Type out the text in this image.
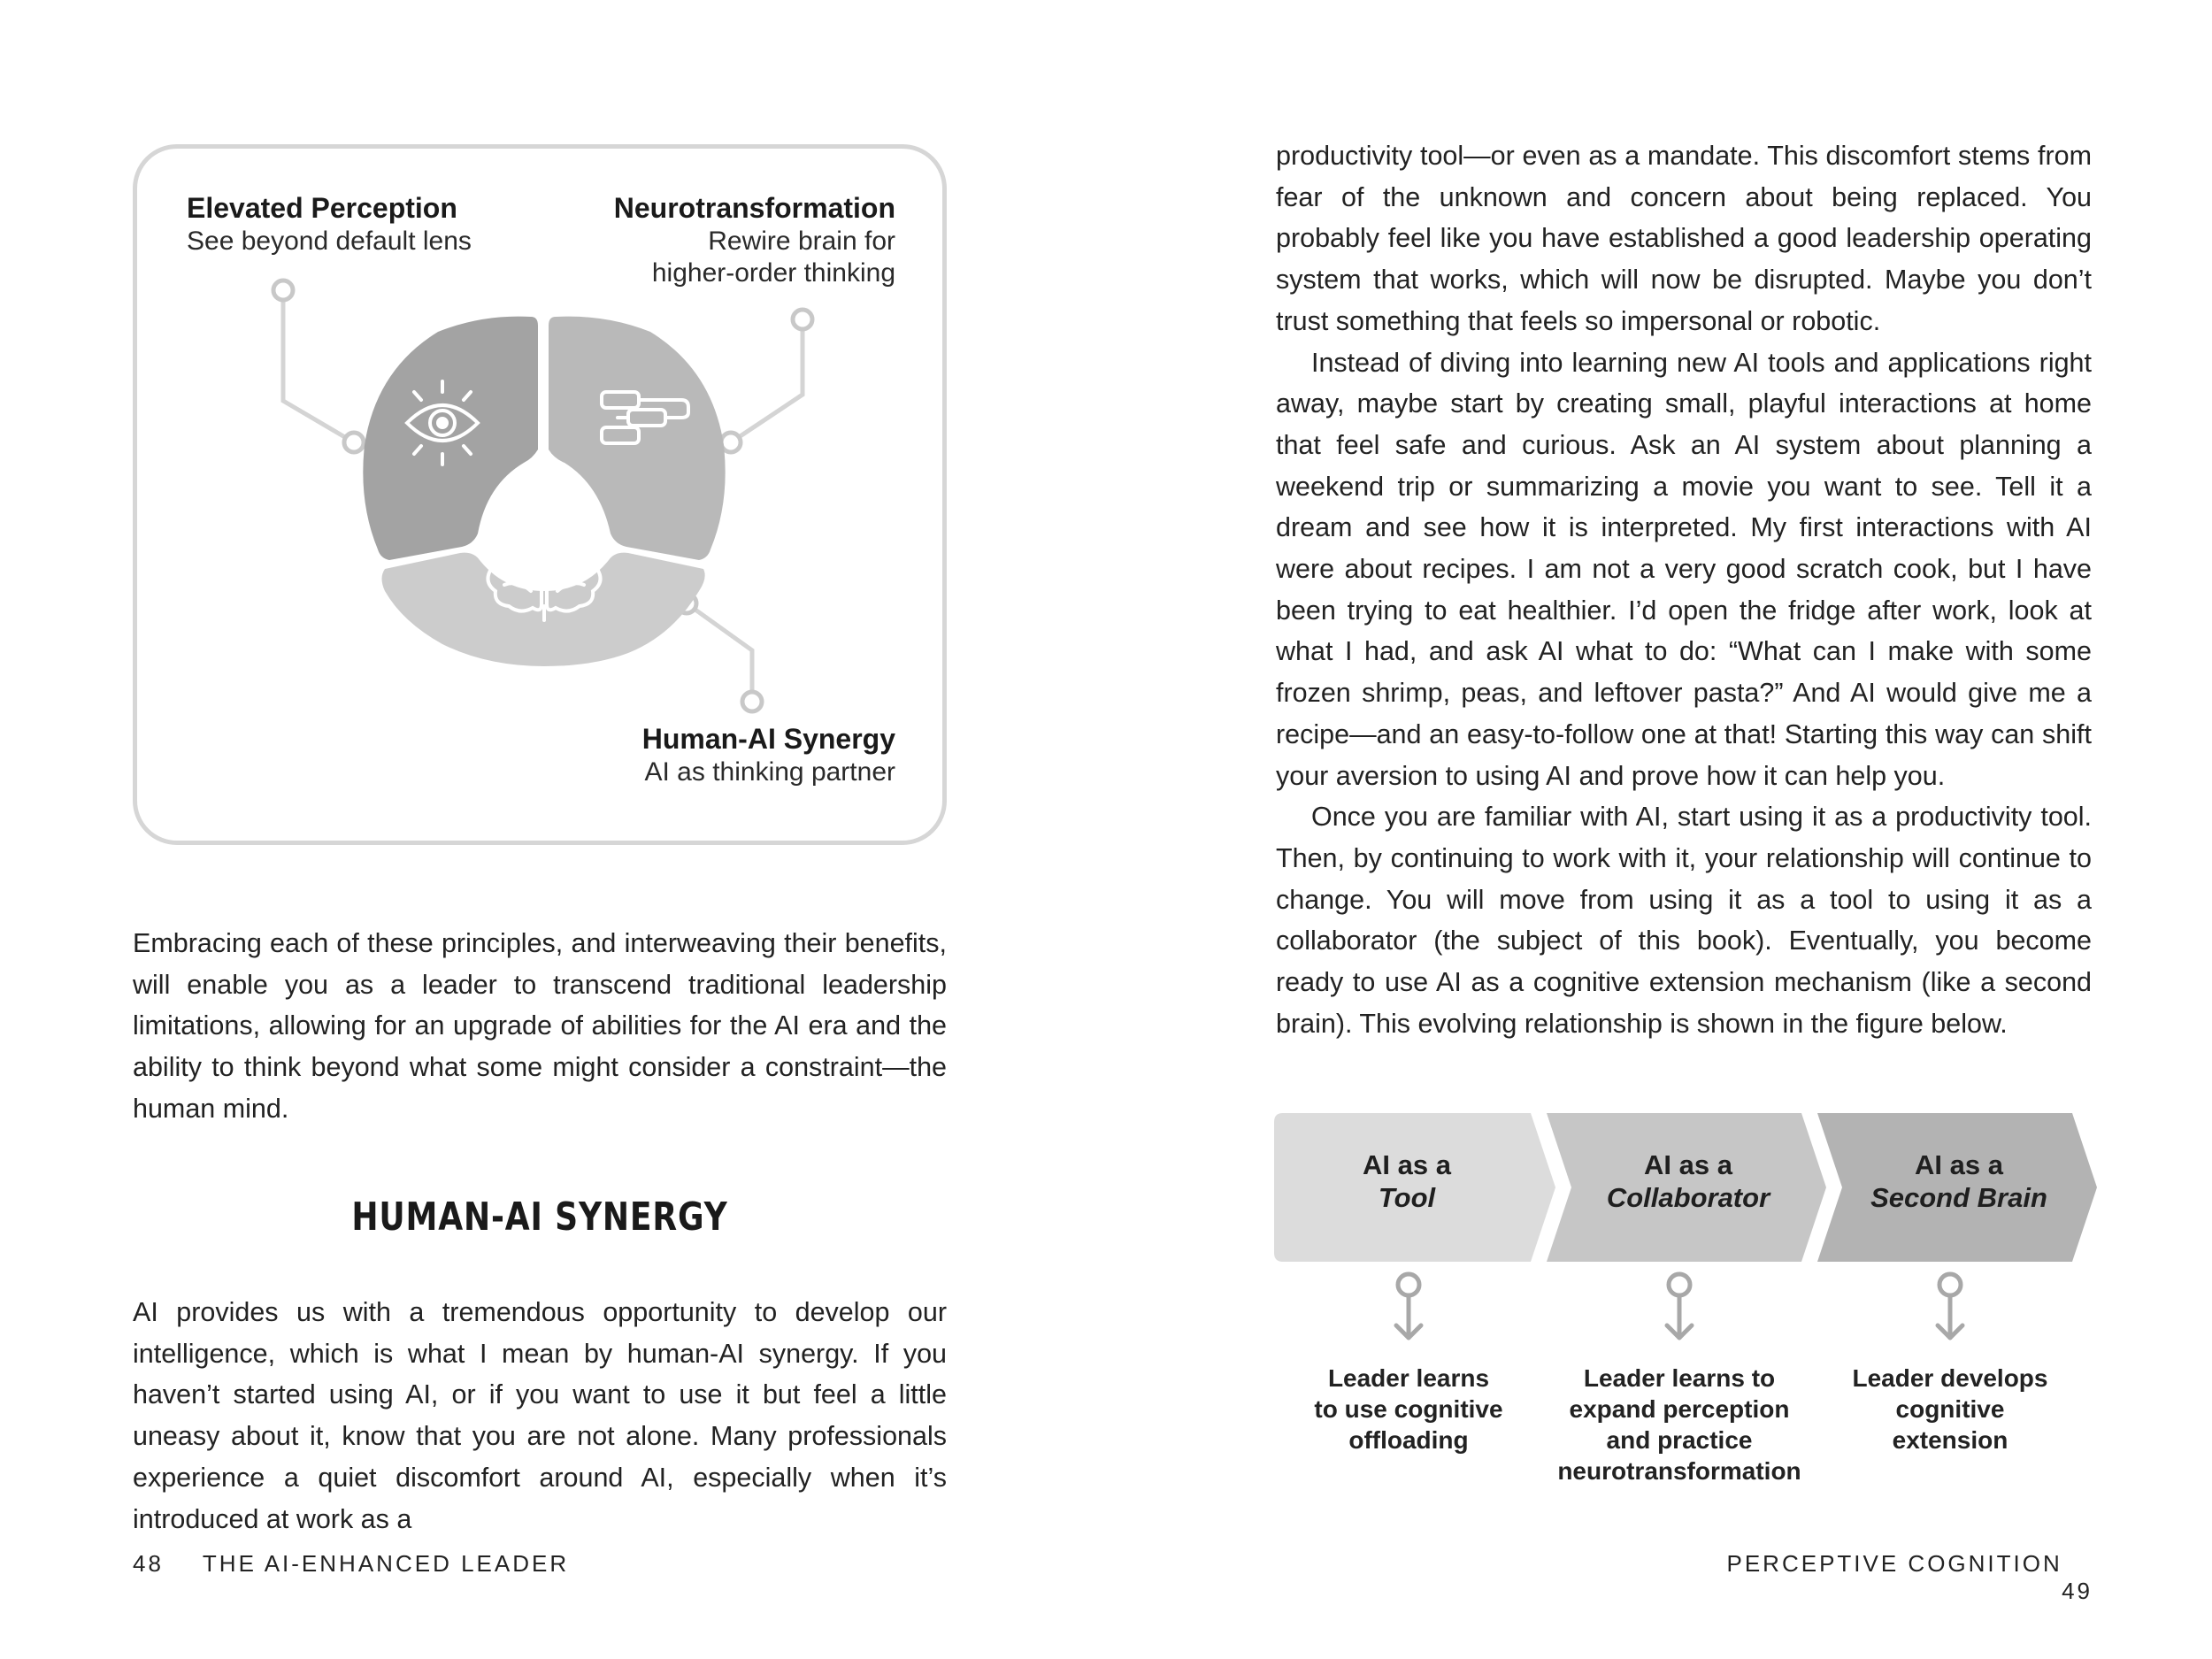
Elevated Perception
See beyond default lens
Neurotransformation
Rewire brain for
higher-order thinking
Human-AI Synergy
AI as thinking partner

Embracing each of these principles, and interweaving their benefits, will enable you as a leader to transcend traditional leadership limitations, allowing for an upgrade of abilities for the AI era and the ability to think beyond what some might consider a constraint—the human mind.

HUMAN-AI SYNERGY

AI provides us with a tremendous opportunity to develop our intelligence, which is what I mean by human-AI synergy. If you haven’t started using AI, or if you want to use it but feel a little uneasy about it, know that you are not alone. Many professionals experience a quiet discomfort around AI, especially when it’s introduced at work as a

48 THE AI-ENHANCED LEADER

productivity tool—or even as a mandate. This discomfort stems from fear of the unknown and concern about being replaced. You probably feel like you have established a good leadership operating system that works, which will now be disrupted. Maybe you don’t trust something that feels so impersonal or robotic.

Instead of diving into learning new AI tools and applications right away, maybe start by creating small, playful interactions at home that feel safe and curious. Ask an AI system about planning a weekend trip or summarizing a movie you want to see. Tell it a dream and see how it is interpreted. My first interactions with AI were about recipes. I am not a very good scratch cook, but I have been trying to eat healthier. I’d open the fridge after work, look at what I had, and ask AI what to do: “What can I make with some frozen shrimp, peas, and leftover pasta?” And AI would give me a recipe—and an easy-to-follow one at that! Starting this way can shift your aversion to using AI and prove how it can help you.

Once you are familiar with AI, start using it as a productivity tool. Then, by continuing to work with it, your relationship will continue to change. You will move from using it as a tool to using it as a collaborator (the subject of this book). Eventually, you become ready to use AI as a cognitive extension mechanism (like a second brain). This evolving relationship is shown in the figure below.

AI as a
Tool
AI as a
Collaborator
AI as a
Second Brain
Leader learns
to use cognitive
offloading
Leader learns to
expand perception
and practice
neurotransformation
Leader develops
cognitive
extension
PERCEPTIVE COGNITION  49
